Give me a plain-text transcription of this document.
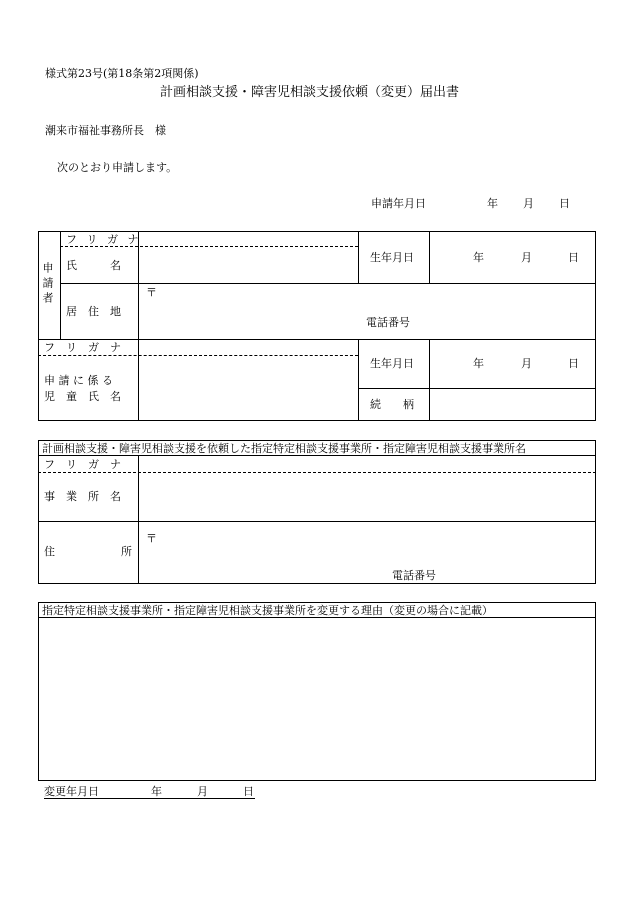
様式第23号(第18条第2項関係)
計画相談支援・障害児相談支援依頼（変更）届出書
潮来市福祉事務所長　様
次のとおり申請します。
申請年月日	年 月 日
申請者
フ リ ガ ナ
氏　　　名
生年月日	年	月	日
居　住　地
〒
電話番号
フ　リ　ガ　ナ
申 請 に 係 る
児　童　氏　名
生年月日	年	月	日
続　　柄
計画相談支援・障害児相談支援を依頼した指定特定相談支援事業所・指定障害児相談支援事業所名
フ　リ　ガ　ナ
事　業　所　名
住	所
〒
電話番号
指定特定相談支援事業所・指定障害児相談支援事業所を変更する理由（変更の場合に記載）
変更年月日	年	月	日
